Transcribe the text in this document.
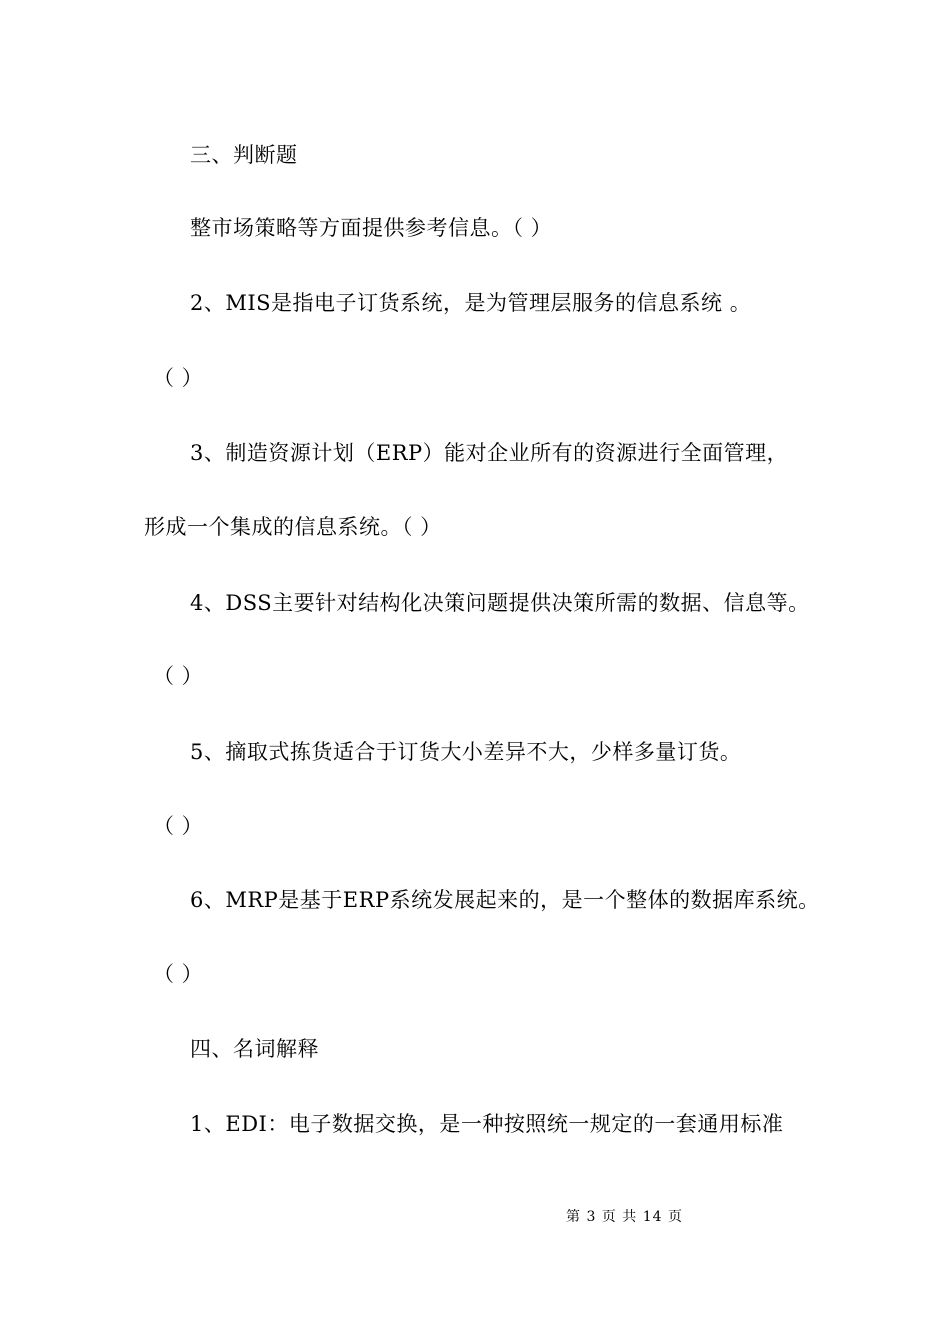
三、判断题
整市场策略等方面提供参考信息。（ ）
2、MIS是指电子订货系统，是为管理层服务的信息系统 。
（ ）
3、制造资源计划（ERP）能对企业所有的资源进行全面管理，
形成一个集成的信息系统。（ ）
4、DSS主要针对结构化决策问题提供决策所需的数据、信息等。
（ ）
5、摘取式拣货适合于订货大小差异不大，少样多量订货。
（ ）
6、MRP是基于ERP系统发展起来的，是一个整体的数据库系统。
（ ）
四、名词解释
1、EDI：电子数据交换，是一种按照统一规定的一套通用标准
第 3 页 共 14 页
